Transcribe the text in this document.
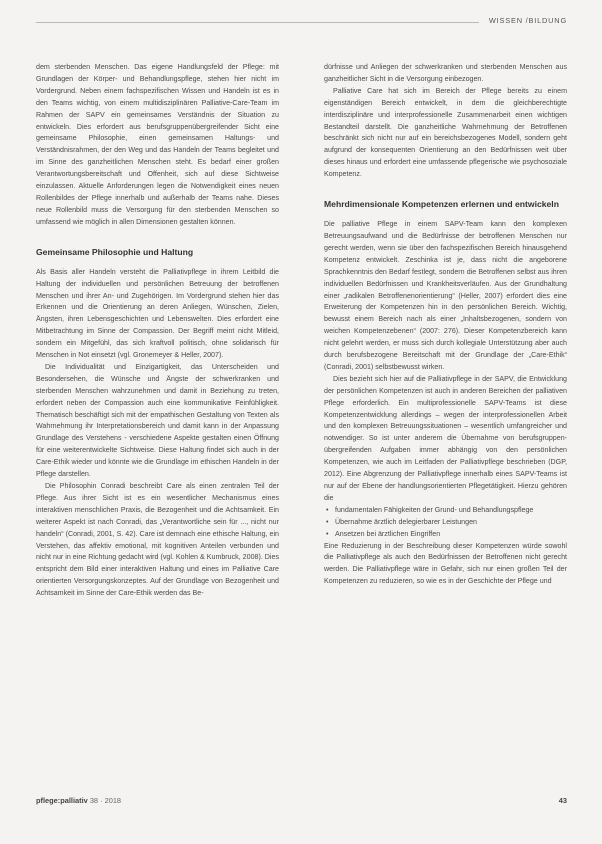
WISSEN /BILDUNG

dem sterbenden Menschen. Das eigene Handlungsfeld der Pflege: mit Grundlagen der Körper- und Behandlungspflege, stehen hier nicht im Vordergrund. Neben einem fachspezifischen Wissen und Handeln ist es in den Teams wichtig, von einem multidisziplinären Palliative-Care-Team im Rahmen der SAPV ein gemeinsames Verständnis der Situation zu entwickeln. Dies erfordert aus berufsgruppenübergreifender Sicht eine gemeinsame Philosophie, einen gemeinsamen Haltungs- und Verständnisrahmen, der den Weg und das Handeln der Teams begleitet und im Sinne des ganzheitlichen Menschen steht. Es bedarf einer großen Verantwortungsbereitschaft und Offenheit, sich auf diese Sichtweise einzulassen. Aktuelle Anforderungen legen die Notwendigkeit eines neuen Rollenbildes der Pflege innerhalb und außerhalb der Teams nahe. Dieses neue Rollenbild muss die Versorgung für den sterbenden Menschen so umfassend wie möglich in allen Dimensionen gestalten können.

Gemeinsame Philosophie und Haltung

Als Basis aller Handeln versteht die Palliativpflege in ihrem Leitbild die Haltung der individuellen und persönlichen Betreuung der betroffenen Menschen und ihrer An- und Zugehörigen. Im Vordergrund stehen hier das Erkennen und die Orientierung an deren Anliegen, Wünschen, Zielen, Ängsten, ihren Lebensgeschichten und Lebenswelten. Dies erfordert eine Mitbetrachtung im Sinne der Compassion. Der Begriff meint nicht Mitleid, sondern ein Mitgefühl, das sich kraftvoll politisch, ohne solidarisch für Menschen in Not einsetzt (vgl. Gronemeyer & Heller, 2007).

Die Individualität und Einzigartigkeit, das Unterscheiden und Besondersehen, die Wünsche und Ängste der schwerkranken und sterbenden Menschen wahrzunehmen und damit in Beziehung zu treten, erfordert neben der Compassion auch eine kommunikative Feinfühligkeit. Thematisch beschäftigt sich mit der empathischen Gestaltung von Texten als Wahrnehmung ihr Interpretationsbereich und damit kann in der Anpassung Grundlage des Verstehens - verschiedene Aspekte gestalten einen Öffnung für eine weiterentwickelte Sichtweise. Diese Haltung findet sich auch in der Care-Ethik wieder und könnte wie die Grundlage im ethischen Handeln in der Pflege darstellen.

Die Philosophin Conradi beschreibt Care als einen zentralen Teil der Pflege. Aus ihrer Sicht ist es ein wesentlicher Mechanismus eines interaktiven menschlichen Praxis, die Bezogenheit und die Achtsamkeit. Ein weiterer Aspekt ist nach Conradi, das „Verantwortliche sein für ..., nicht nur handeln“ (Conradi, 2001, S. 42). Care ist demnach eine ethische Haltung, ein Verstehen, das affektiv emotional, mit kognitiven Anteilen verbunden und nicht nur in eine Richtung gedacht wird (vgl. Kohlen & Kumbruck, 2008). Dies entspricht dem Bild einer interaktiven Haltung und eines im Palliative Care orientierten Versorgungskonzeptes. Auf der Grundlage von Bezogenheit und Achtsamkeit im Sinne der Care-Ethik werden das Be-

dürfnisse und Anliegen der schwerkranken und sterbenden Menschen aus ganzheitlicher Sicht in die Versorgung einbezogen.

Palliative Care hat sich im Bereich der Pflege bereits zu einem eigenständigen Bereich entwickelt, in dem die gleichberechtigte interdisziplinäre und interprofessionelle Zusammenarbeit einen wichtigen Bestandteil darstellt. Die ganzheitliche Wahrnehmung der Betroffenen beschränkt sich nicht nur auf ein bereichsbezogenes Modell, sondern geht aufgrund der konsequenten Orientierung an den Bedürfnissen weit über dieses hinaus und erfordert eine umfassende pflegerische wie psychosoziale Kompetenz.

Mehrdimensionale Kompetenzen erlernen und entwickeln

Die palliative Pflege in einem SAPV-Team kann den komplexen Betreuungsaufwand und die Bedürfnisse der betroffenen Menschen nur gerecht werden, wenn sie über den fachspezifischen Bereich hinausgehend Kompetenz entwickelt. Zeschinka ist je, dass nicht die angeborene Sprachkenntnis den Bedarf festlegt, sondern die Betroffenen selbst aus ihren individuellen Bedürfnissen und Krankheitsverläufen. Aus der Grundhaltung einer „radikalen Betroffenenorientierung“ (Heller, 2007) erfordert dies eine Erweiterung der Kompetenzen hin in den persönlichen Bereich. Wichtig, bewusst einem Bereich nach als einer „Inhaltsbezogenen, sondern von weichen Kompetenzebenen“ (2007: 276). Dieser Kompetenzbereich kann nicht gelehrt werden, er muss sich durch kollegiale Unterstützung aber auch durch berufsbezogene Bereitschaft mit der Grundlage der „Care-Ethik“ (Conradi, 2001) selbstbewusst wirken.

Dies bezieht sich hier auf die Palliativpflege in der SAPV, die Entwicklung der persönlichen Kompetenzen ist auch in anderen Bereichen der palliativen Pflege erforderlich. Ein multiprofessionelle SAPV-Teams ist diese Kompetenzentwicklung allerdings – wegen der interprofessionellen Arbeit und den komplexen Betreuungssituationen – wesentlich umfangreicher und notwendiger. So ist unter anderem die Übernahme von berufsgruppen-übergreifenden Aufgaben immer abhängig von den persönlichen Kompetenzen, wie auch im Leitfaden der Palliativpflege beschrieben (DGP, 2012). Eine Abgrenzung der Palliativpflege innerhalb eines SAPV-Teams ist nur auf der Ebene der handlungsorientierten Pflegetätigkeit. Hierzu gehören die

• fundamentalen Fähigkeiten der Grund- und Behandlungspflege
• Übernahme ärztlich delegierbarer Leistungen
• Ansetzen bei ärztlichen Eingriffen

Eine Reduzierung in der Beschreibung dieser Kompetenzen würde sowohl die Palliativpflege als auch den Bedürfnissen der Betroffenen nicht gerecht werden. Die Palliativpflege wäre in Gefahr, sich nur einen großen Teil der Kompetenzen zu reduzieren, so wie es in der Geschichte der Pflege und

pflege:palliativ 38 · 2018	43
